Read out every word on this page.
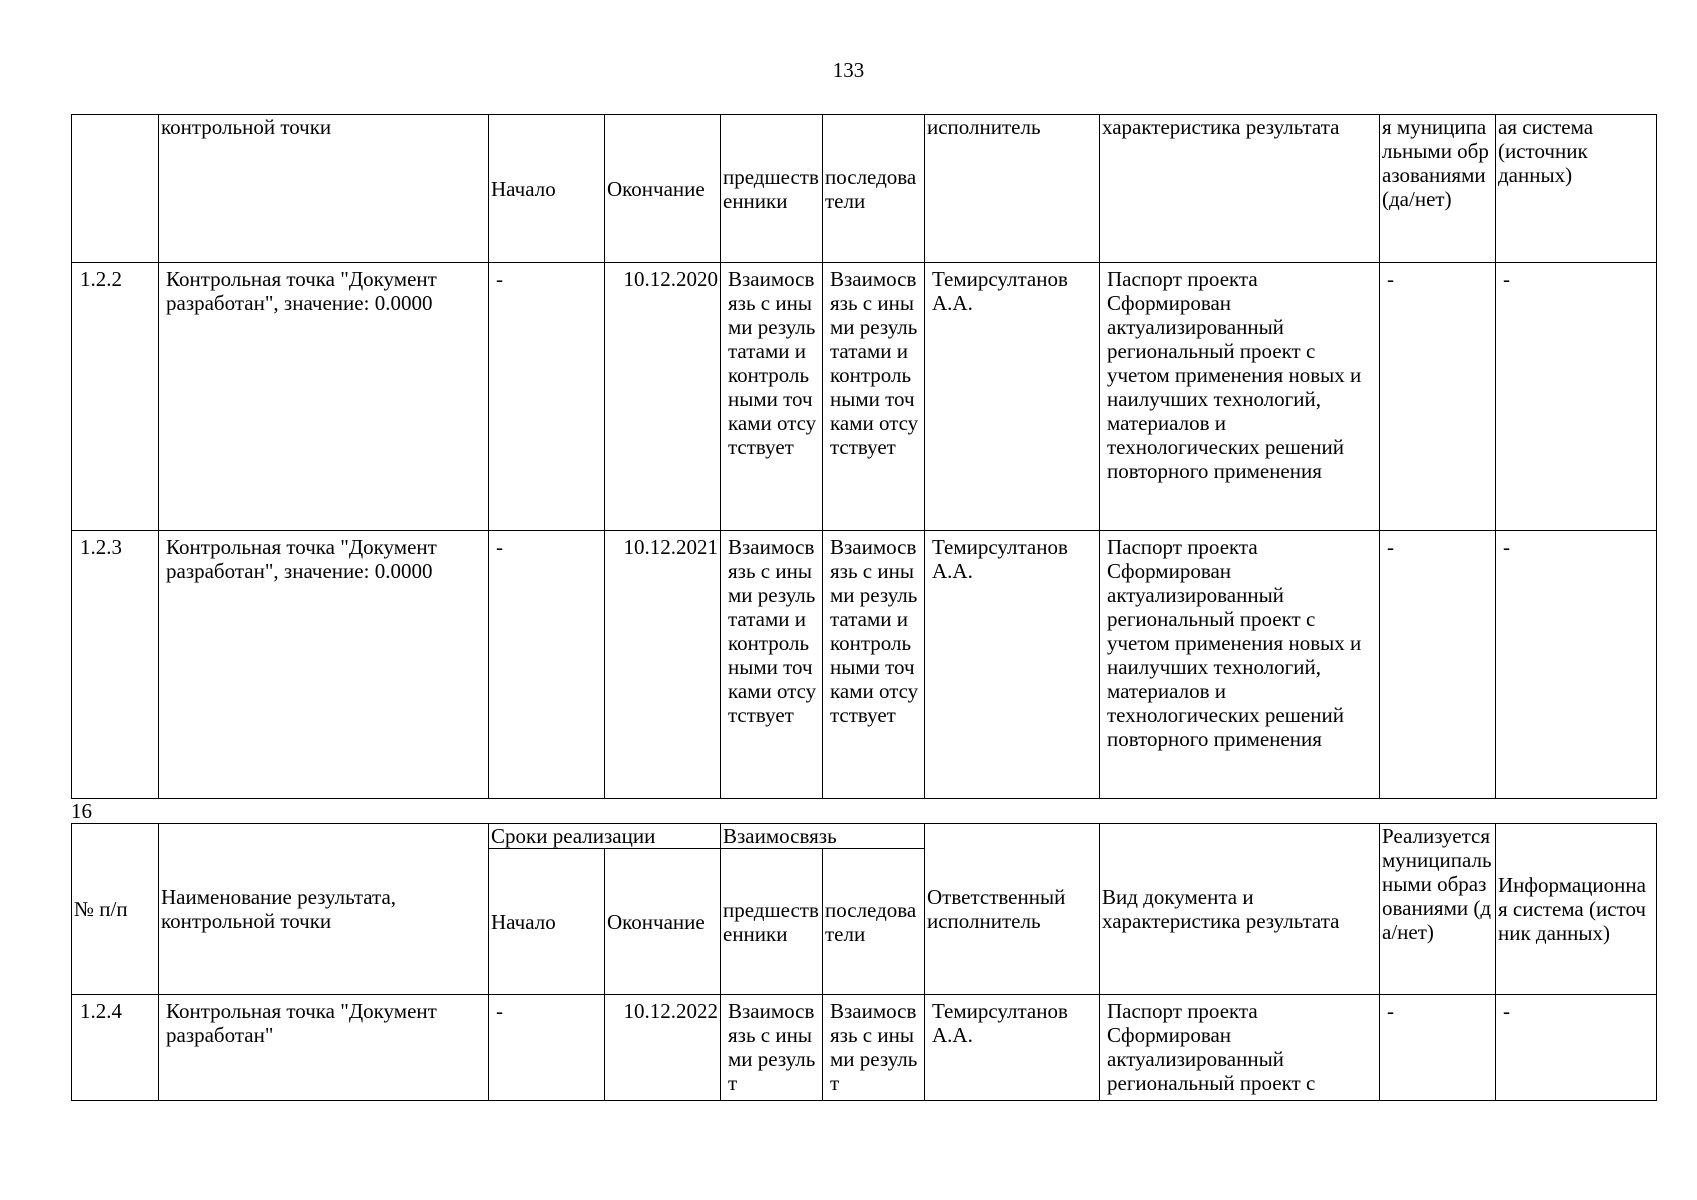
133
	контрольной точки	Начало	Окончание	предшественники	последователи	исполнитель	характеристика результата	я муниципальными образованиями (да/нет)	ая система (источник данных)
1.2.2	Контрольная точка "Документ разработан", значение: 0.0000	-	10.12.2020	Взаимосвязь с иными результатами и контрольными точками отсутствует	Взаимосвязь с иными результатами и контрольными точками отсутствует	Темирсултанов А.А.	Паспорт проекта Сформирован актуализированный региональный проект с учетом применения новых и наилучших технологий, материалов и технологических решений повторного применения	-	-
1.2.3	Контрольная точка "Документ разработан", значение: 0.0000	-	10.12.2021	Взаимосвязь с иными результатами и контрольными точками отсутствует	Взаимосвязь с иными результатами и контрольными точками отсутствует	Темирсултанов А.А.	Паспорт проекта Сформирован актуализированный региональный проект с учетом применения новых и наилучших технологий, материалов и технологических решений повторного применения	-	-
16
№ п/п	Наименование результата, контрольной точки	Сроки реализации		Взаимосвязь		Ответственный исполнитель	Вид документа и характеристика результата	Реализуется муниципальными образованиями (да/нет)	Информационная система (источник данных)
		Начало	Окончание	предшественники	последователи				
1.2.4	Контрольная точка "Документ разработан"	-	10.12.2022	Взаимосвязь с иными результ	Взаимосвязь с иными результ	Темирсултанов А.А.	Паспорт проекта Сформирован актуализированный региональный проект с	-	-
